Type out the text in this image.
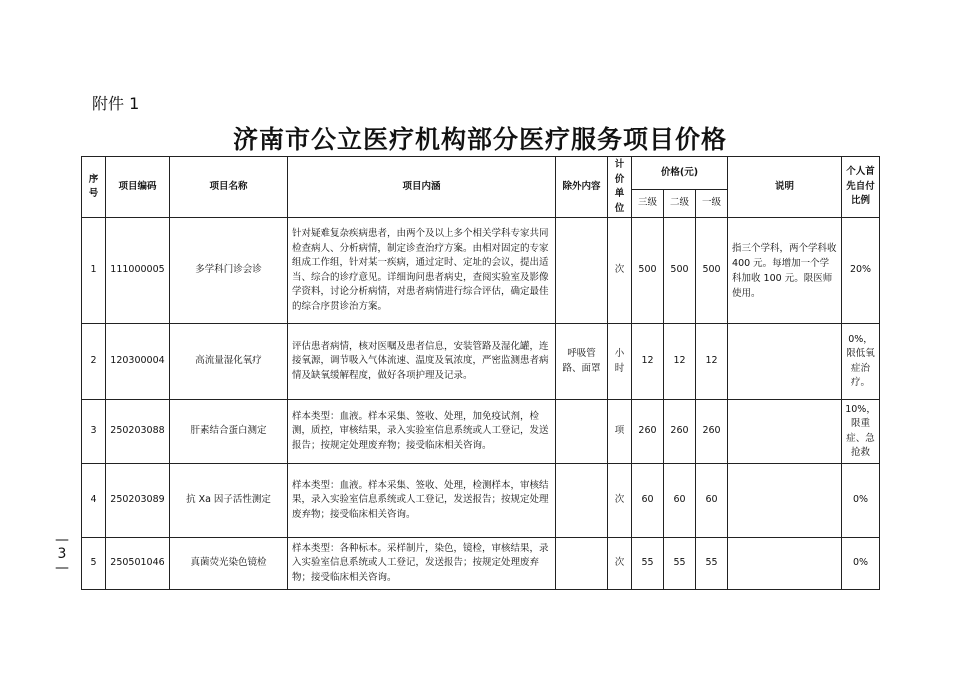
附件 1
济南市公立医疗机构部分医疗服务项目价格
—
3
—
序号	项目编码	项目名称	项目内涵	除外内容	计价单位	价格(元)			说明	个人首先自付比例
						三级	二级	一级		
1	111000005	多学科门诊会诊	针对疑难复杂疾病患者，由两个及以上多个相关学科专家共同检查病人、分析病情，制定诊查治疗方案。由相对固定的专家组成工作组，针对某一疾病，通过定时、定址的会议，提出适当、综合的诊疗意见。详细询问患者病史，查阅实验室及影像学资料，讨论分析病情，对患者病情进行综合评估，确定最佳的综合序贯诊治方案。		次	500	500	500	指三个学科，两个学科收 400 元。每增加一个学科加收 100 元。限医师使用。	20%
2	120300004	高流量湿化氧疗	评估患者病情，核对医嘱及患者信息，安装管路及湿化罐，连接氧源，调节吸入气体流速、温度及氧浓度，严密监测患者病情及缺氧缓解程度，做好各项护理及记录。	呼吸管路、面罩	小时	12	12	12		0%，限低氧症治疗。
3	250203088	肝素结合蛋白测定	样本类型：血液。样本采集、签收、处理，加免疫试剂，检测，质控，审核结果，录入实验室信息系统或人工登记，发送报告；按规定处理废弃物；接受临床相关咨询。		项	260	260	260		10%，限重症、急抢救
4	250203089	抗 Xa 因子活性测定	样本类型：血液。样本采集、签收、处理，检测样本，审核结果，录入实验室信息系统或人工登记，发送报告；按规定处理废弃物；接受临床相关咨询。		次	60	60	60		0%
5	250501046	真菌荧光染色镜检	样本类型：各种标本。采样制片，染色，镜检，审核结果，录入实验室信息系统或人工登记，发送报告；按规定处理废弃物；接受临床相关咨询。		次	55	55	55		0%
